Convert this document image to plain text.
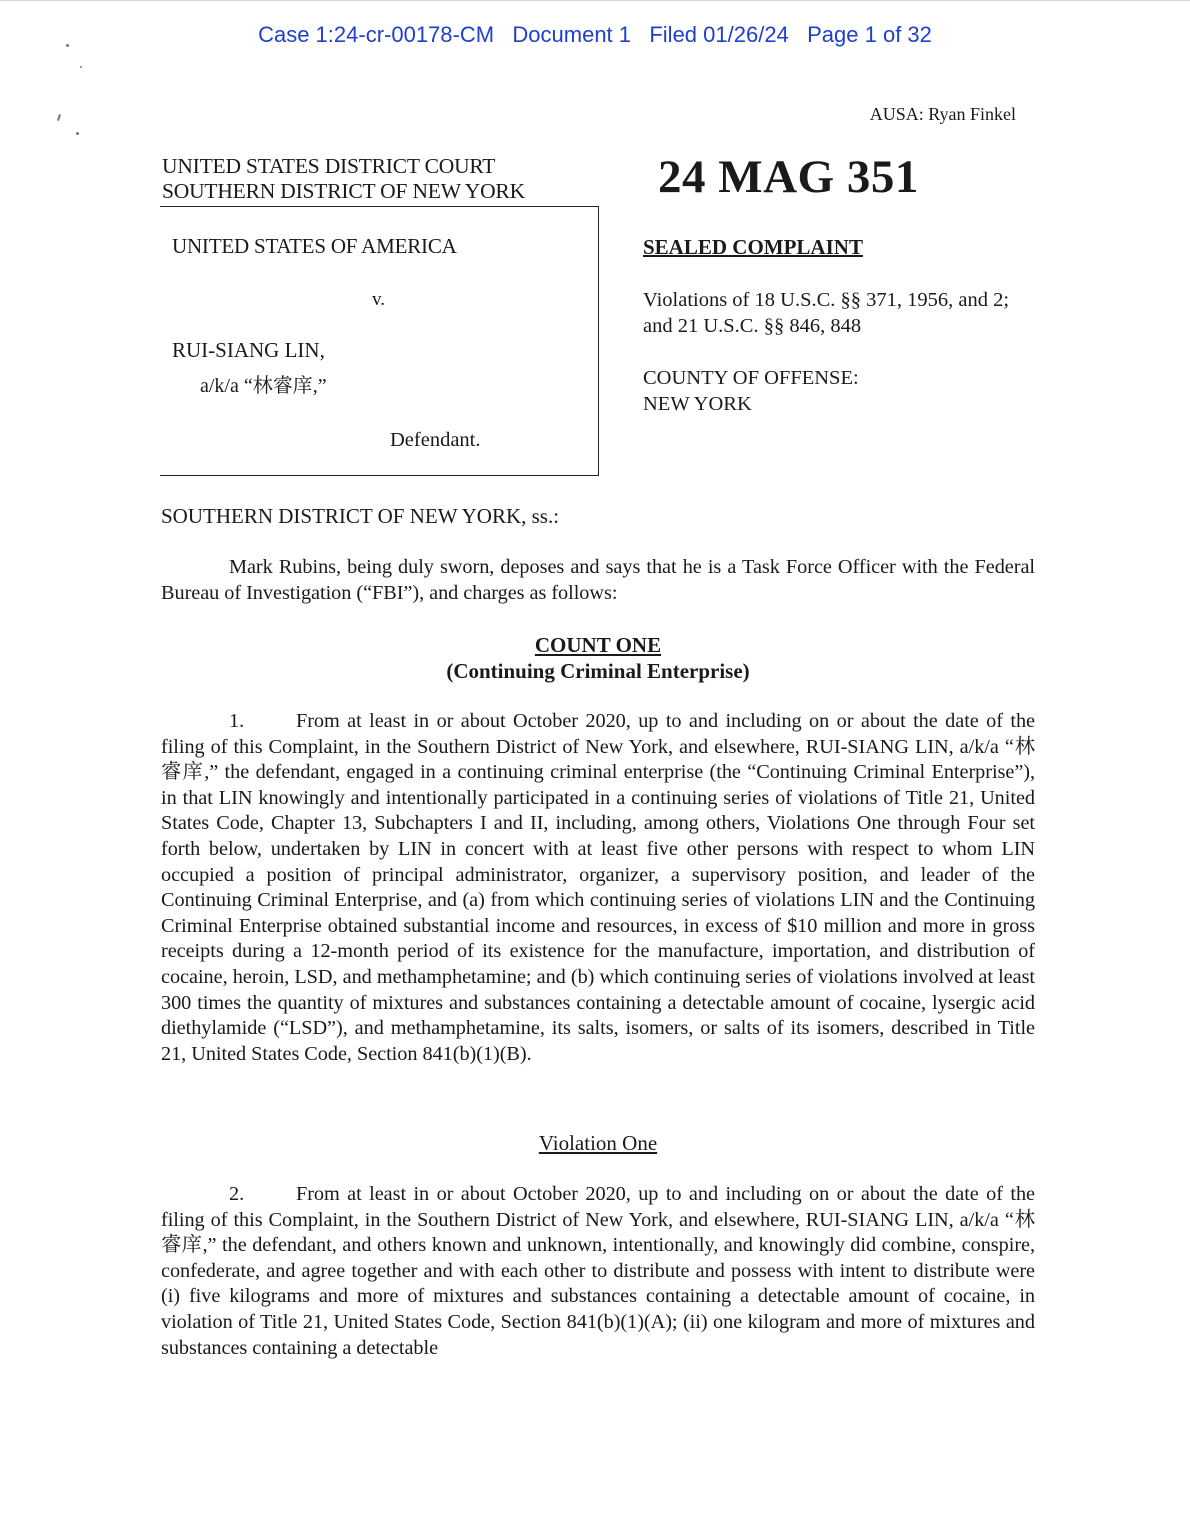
Case 1:24-cr-00178-CM   Document 1   Filed 01/26/24   Page 1 of 32
AUSA: Ryan Finkel
UNITED STATES DISTRICT COURT
SOUTHERN DISTRICT OF NEW YORK
UNITED STATES OF AMERICA
v.
RUI-SIANG LIN,
a/k/a “林睿庠,”
Defendant.
24 MAG 351
SEALED COMPLAINT
Violations of 18 U.S.C. §§ 371, 1956, and 2; and 21 U.S.C. §§ 846, 848
COUNTY OF OFFENSE:
NEW YORK
SOUTHERN DISTRICT OF NEW YORK, ss.:
Mark Rubins, being duly sworn, deposes and says that he is a Task Force Officer with the Federal Bureau of Investigation (“FBI”), and charges as follows:
COUNT ONE
(Continuing Criminal Enterprise)
1.	From at least in or about October 2020, up to and including on or about the date of the filing of this Complaint, in the Southern District of New York, and elsewhere, RUI-SIANG LIN, a/k/a “林睿庠,” the defendant, engaged in a continuing criminal enterprise (the “Continuing Criminal Enterprise”), in that LIN knowingly and intentionally participated in a continuing series of violations of Title 21, United States Code, Chapter 13, Subchapters I and II, including, among others, Violations One through Four set forth below, undertaken by LIN in concert with at least five other persons with respect to whom LIN occupied a position of principal administrator, organizer, a supervisory position, and leader of the Continuing Criminal Enterprise, and (a) from which continuing series of violations LIN and the Continuing Criminal Enterprise obtained substantial income and resources, in excess of $10 million and more in gross receipts during a 12-month period of its existence for the manufacture, importation, and distribution of cocaine, heroin, LSD, and methamphetamine; and (b) which continuing series of violations involved at least 300 times the quantity of mixtures and substances containing a detectable amount of cocaine, lysergic acid diethylamide (“LSD”), and methamphetamine, its salts, isomers, or salts of its isomers, described in Title 21, United States Code, Section 841(b)(1)(B).
Violation One
2.	From at least in or about October 2020, up to and including on or about the date of the filing of this Complaint, in the Southern District of New York, and elsewhere, RUI-SIANG LIN, a/k/a “林睿庠,” the defendant, and others known and unknown, intentionally, and knowingly did combine, conspire, confederate, and agree together and with each other to distribute and possess with intent to distribute were (i) five kilograms and more of mixtures and substances containing a detectable amount of cocaine, in violation of Title 21, United States Code, Section 841(b)(1)(A); (ii) one kilogram and more of mixtures and substances containing a detectable
